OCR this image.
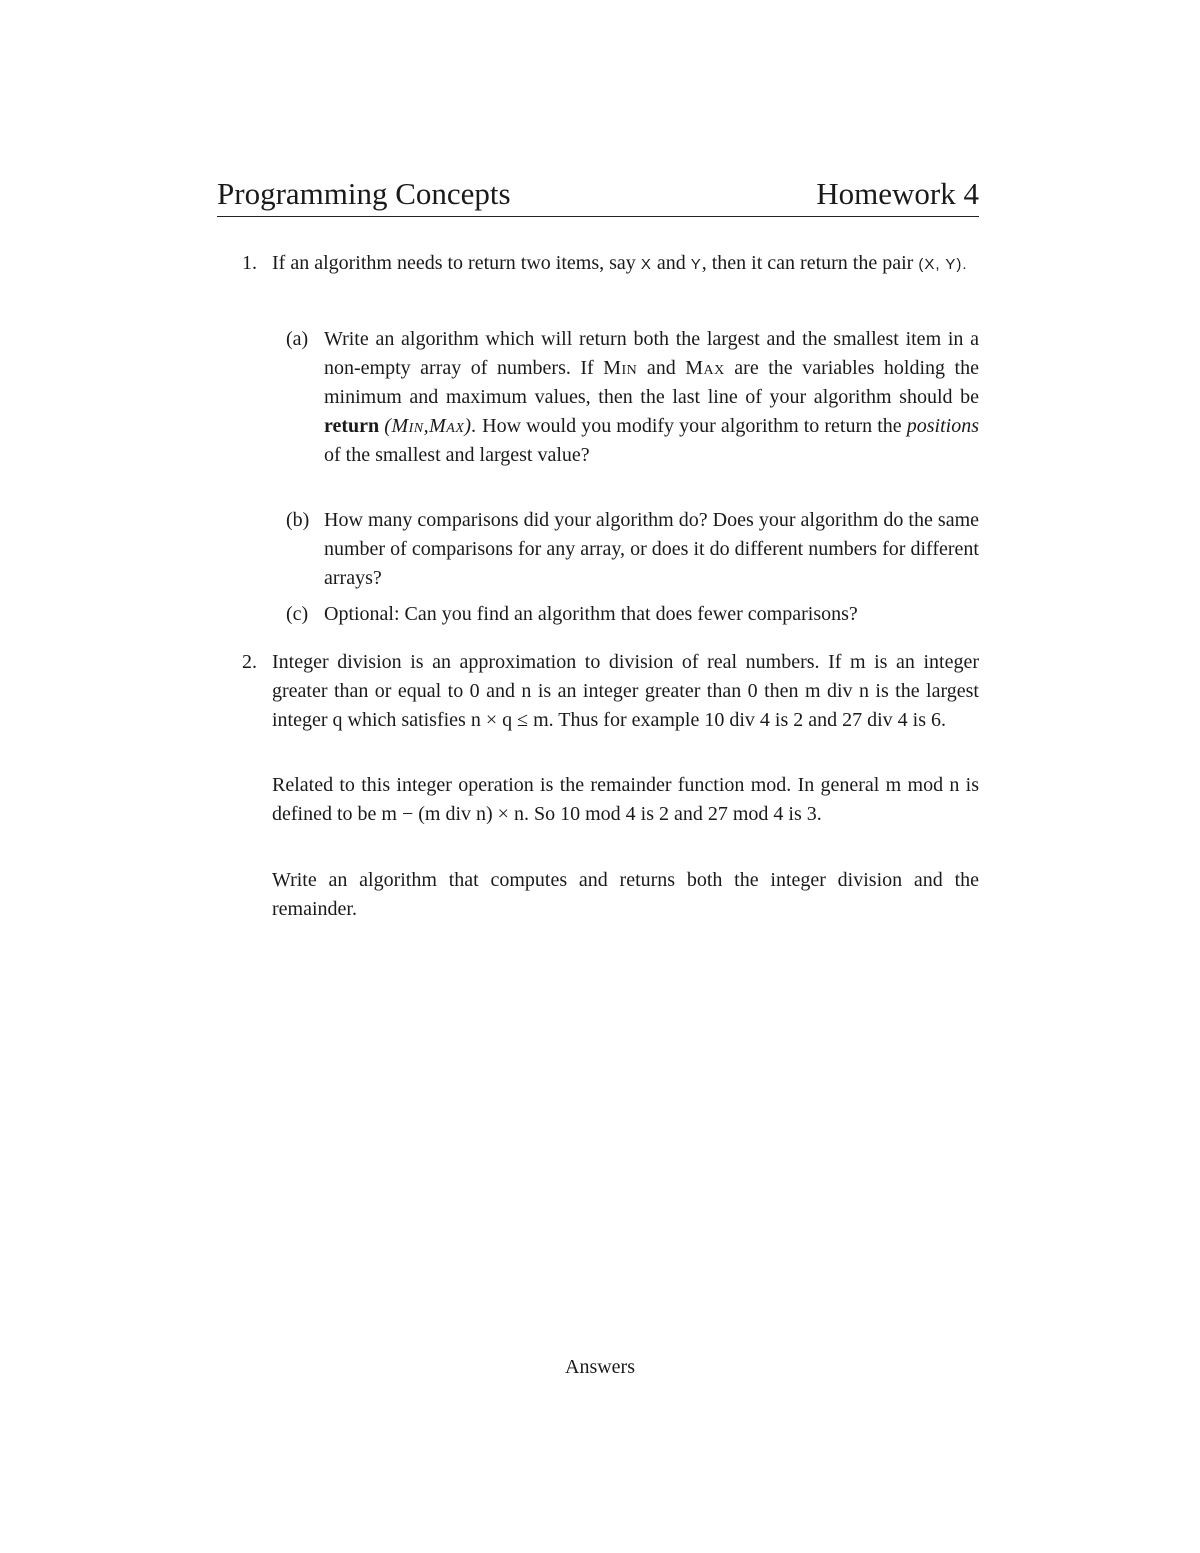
Programming Concepts	Homework 4
1. If an algorithm needs to return two items, say X and Y, then it can return the pair (X, Y).
(a) Write an algorithm which will return both the largest and the smallest item in a non-empty array of numbers. If Min and Max are the variables holding the minimum and maximum values, then the last line of your algorithm should be return (Min,Max). How would you modify your algorithm to return the positions of the smallest and largest value?
(b) How many comparisons did your algorithm do? Does your algorithm do the same number of comparisons for any array, or does it do different numbers for different arrays?
(c) Optional: Can you find an algorithm that does fewer comparisons?
2. Integer division is an approximation to division of real numbers. If m is an integer greater than or equal to 0 and n is an integer greater than 0 then m div n is the largest integer q which satisfies n × q ≤ m. Thus for example 10 div 4 is 2 and 27 div 4 is 6.
Related to this integer operation is the remainder function mod. In general m mod n is defined to be m − (m div n) × n. So 10 mod 4 is 2 and 27 mod 4 is 3.
Write an algorithm that computes and returns both the integer division and the remainder.
Answers
